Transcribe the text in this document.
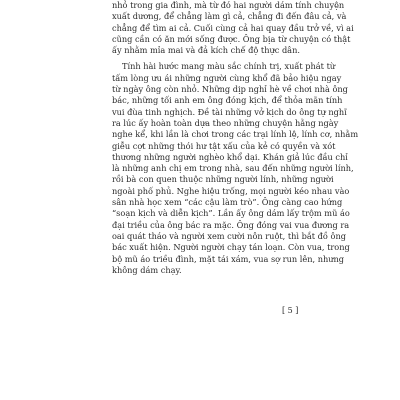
nhỏ trong gia đình, mà từ đó hai người dám tính chuyện
xuất dương, để chẳng làm gì cả, chẳng đi đến đâu cả, và
chẳng để tìm ai cả. Cuối cùng cả hai quay đầu trở về, vì ai
cũng cần có ăn mới sống được. Ông bịa từ chuyện có thật
ấy nhằm mỉa mai và đả kích chế độ thực dân.
Tính hài hước mang màu sắc chính trị, xuất phát từ
tấm lòng ưu ái những người cùng khổ đã bảo hiệu ngay
từ ngày ông còn nhỏ. Những dịp nghỉ hè về chơi nhà ông
bác, những tối anh em ông đóng kịch, để thỏa mãn tính
vui đùa tinh nghịch. Đề tài những vở kịch do ông tự nghĩ
ra lúc ấy hoàn toàn dựa theo những chuyện hằng ngày
nghe kể, khi lần là chơi trong các trại lính lệ, lính cơ, nhằm
giễu cợt những thói hư tật xấu của kẻ có quyền và xót
thương những người nghèo khổ dại. Khán giả lúc đầu chỉ
là những anh chị em trong nhà, sau đến những người lính,
rồi bà con quen thuộc những người lính, những người
ngoài phố phủ. Nghe hiệu trống, mọi người kéo nhau vào
sân nhà học xem “các cậu làm trò”. Ông càng cao hứng
“soạn kịch và diễn kịch”. Lần ấy ông dám lấy trộm mũ áo
đại triều của ông bác ra mặc. Ông đóng vai vua đương ra
oai quát tháo và người xem cười nôn ruột, thì bắt đồ ông
bác xuất hiện. Người người chạy tán loạn. Còn vua, trong
bộ mũ áo triều đình, mặt tái xám, vua sợ run lên, nhưng
không dám chạy.
[ 5 ]
